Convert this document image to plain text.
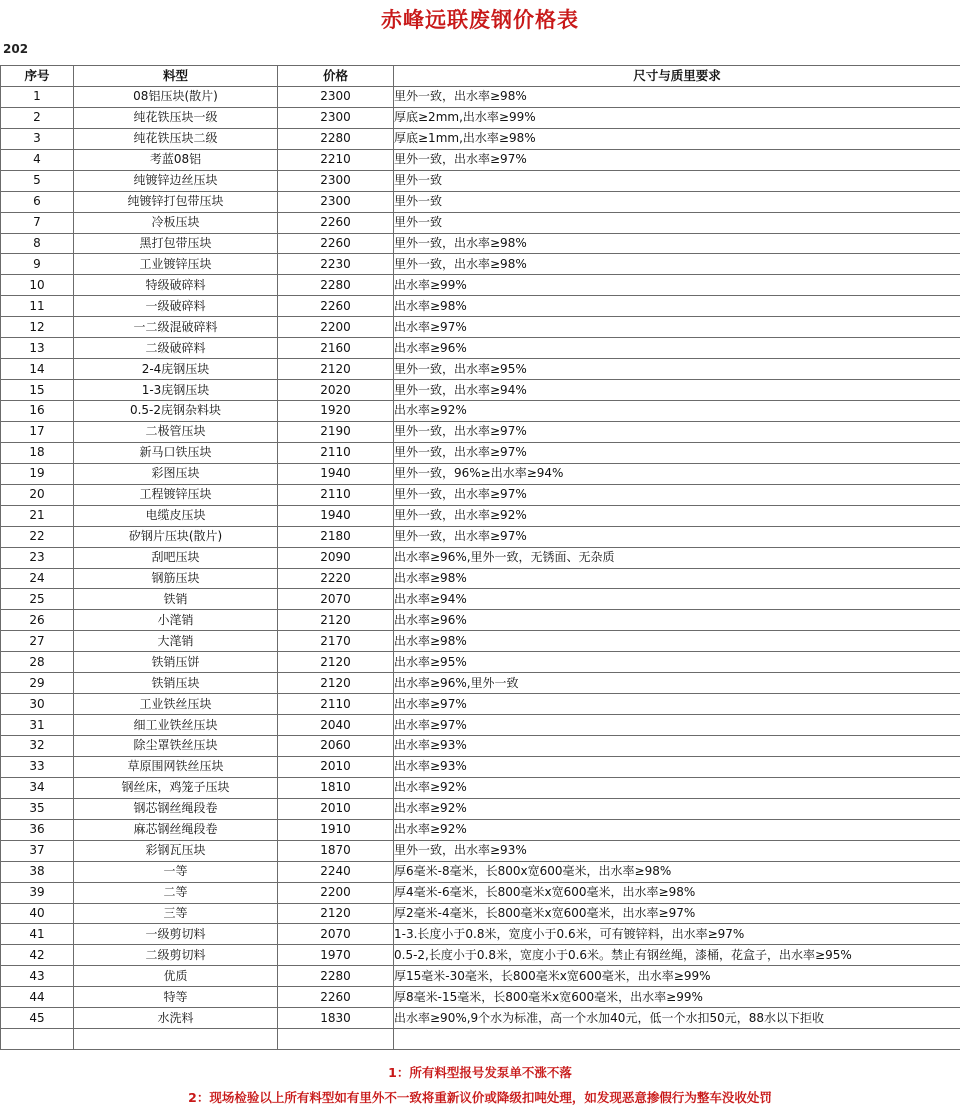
赤峰远联废钢价格表
202
序号	料型	价格	尺寸与质里要求
1	08铝压块(散片)	2300	里外一致，出水率≥98%
2	纯花铁压块一级	2300	厚底≥2mm,出水率≥99%
3	纯花铁压块二级	2280	厚底≥1mm,出水率≥98%
4	考蓝08铝	2210	里外一致，出水率≥97%
5	纯镀锌边丝压块	2300	里外一致
6	纯镀锌打包带压块	2300	里外一致
7	冷板压块	2260	里外一致
8	黑打包带压块	2260	里外一致，出水率≥98%
9	工业镀锌压块	2230	里外一致，出水率≥98%
10	特级破碎料	2280	出水率≥99%
11	一级破碎料	2260	出水率≥98%
12	一二级混破碎料	2200	出水率≥97%
13	二级破碎料	2160	出水率≥96%
14	2-4庑钢压块	2120	里外一致，出水率≥95%
15	1-3庑钢压块	2020	里外一致，出水率≥94%
16	0.5-2庑钢杂料块	1920	出水率≥92%
17	二极管压块	2190	里外一致，出水率≥97%
18	新马口铁压块	2110	里外一致，出水率≥97%
19	彩图压块	1940	里外一致，96%≥出水率≥94%
20	工程镀锌压块	2110	里外一致，出水率≥97%
21	电缆皮压块	1940	里外一致，出水率≥92%
22	矽钢片压块(散片)	2180	里外一致，出水率≥97%
23	刮吧压块	2090	出水率≥96%,里外一致，无锈面、无杂质
24	钢筋压块	2220	出水率≥98%
25	铁销	2070	出水率≥94%
26	小滗销	2120	出水率≥96%
27	大滗销	2170	出水率≥98%
28	铁销压饼	2120	出水率≥95%
29	铁销压块	2120	出水率≥96%,里外一致
30	工业铁丝压块	2110	出水率≥97%
31	细工业铁丝压块	2040	出水率≥97%
32	除尘罩铁丝压块	2060	出水率≥93%
33	草原围网铁丝压块	2010	出水率≥93%
34	钢丝床，鸡笼子压块	1810	出水率≥92%
35	钢芯钢丝绳段卷	2010	出水率≥92%
36	麻芯钢丝绳段卷	1910	出水率≥92%
37	彩钢瓦压块	1870	里外一致，出水率≥93%
38	一等	2240	厚6毫米-8毫米，长800x宽600毫米，出水率≥98%
39	二等	2200	厚4毫米-6毫米，长800毫米x宽600毫米，出水率≥98%
40	三等	2120	厚2毫米-4毫米，长800毫米x宽600毫米，出水率≥97%
41	一级剪切料	2070	1-3.长度小于0.8米，宽度小于0.6米，可有镀锌料，出水率≥97%
42	二级剪切料	1970	0.5-2,长度小于0.8米，宽度小于0.6米。禁止有钢丝绳，漆桶，花盒子，出水率≥95%
43	优质	2280	厚15毫米-30毫米，长800毫米x宽600毫米，出水率≥99%
44	特等	2260	厚8毫米-15毫米，长800毫米x宽600毫米，出水率≥99%
45	水洗料	1830	出水率≥90%,9个水为标准，高一个水加40元，低一个水扣50元，88水以下拒收

1：所有料型报号发泵单不涨不落
2：现场检验以上所有料型如有里外不一致将重新议价或降级扣吨处理，如发现恶意掺假行为整车没收处罚
